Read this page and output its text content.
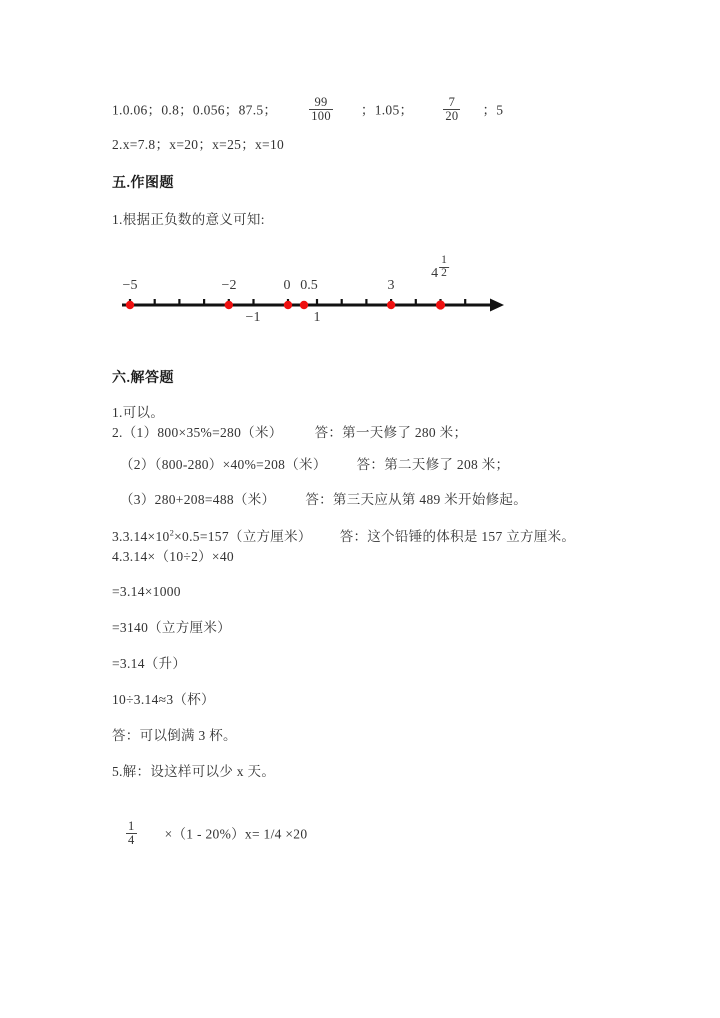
1.0.06；0.8；0.056；87.5；	$\frac{99}{100}$ ；1.05； $\frac{7}{20}$ ；5
2.x=7.8；x=20；x=25；x=10
五.作图题
1.根据正负数的意义可知:
−5	−2	0 0.5	3
$4 \frac{1}{2}$
−1	1
六.解答题
1.可以。
2.（1）800×35%=280（米） 答：第一天修了 280 米；
（2）（800-280）×40%=208（米） 答：第二天修了 208 米；
（3）280+208=488（米） 答：第三天应从第 489 米开始修起。
$3.3.14\times 10^2\times 0.5=157$（立方厘米） 答：这个铅锤的体积是 157 立方厘米。
4.3.14×（10÷2）×40
=3.14×1000
=3140（立方厘米）
=3.14（升）
10÷3.14≈3（杯）
答：可以倒满 3 杯。
5.解：设这样可以少 x 天。
$\frac{1}{4} \times(1 - 20\%)x= 1/4 \times 20$
